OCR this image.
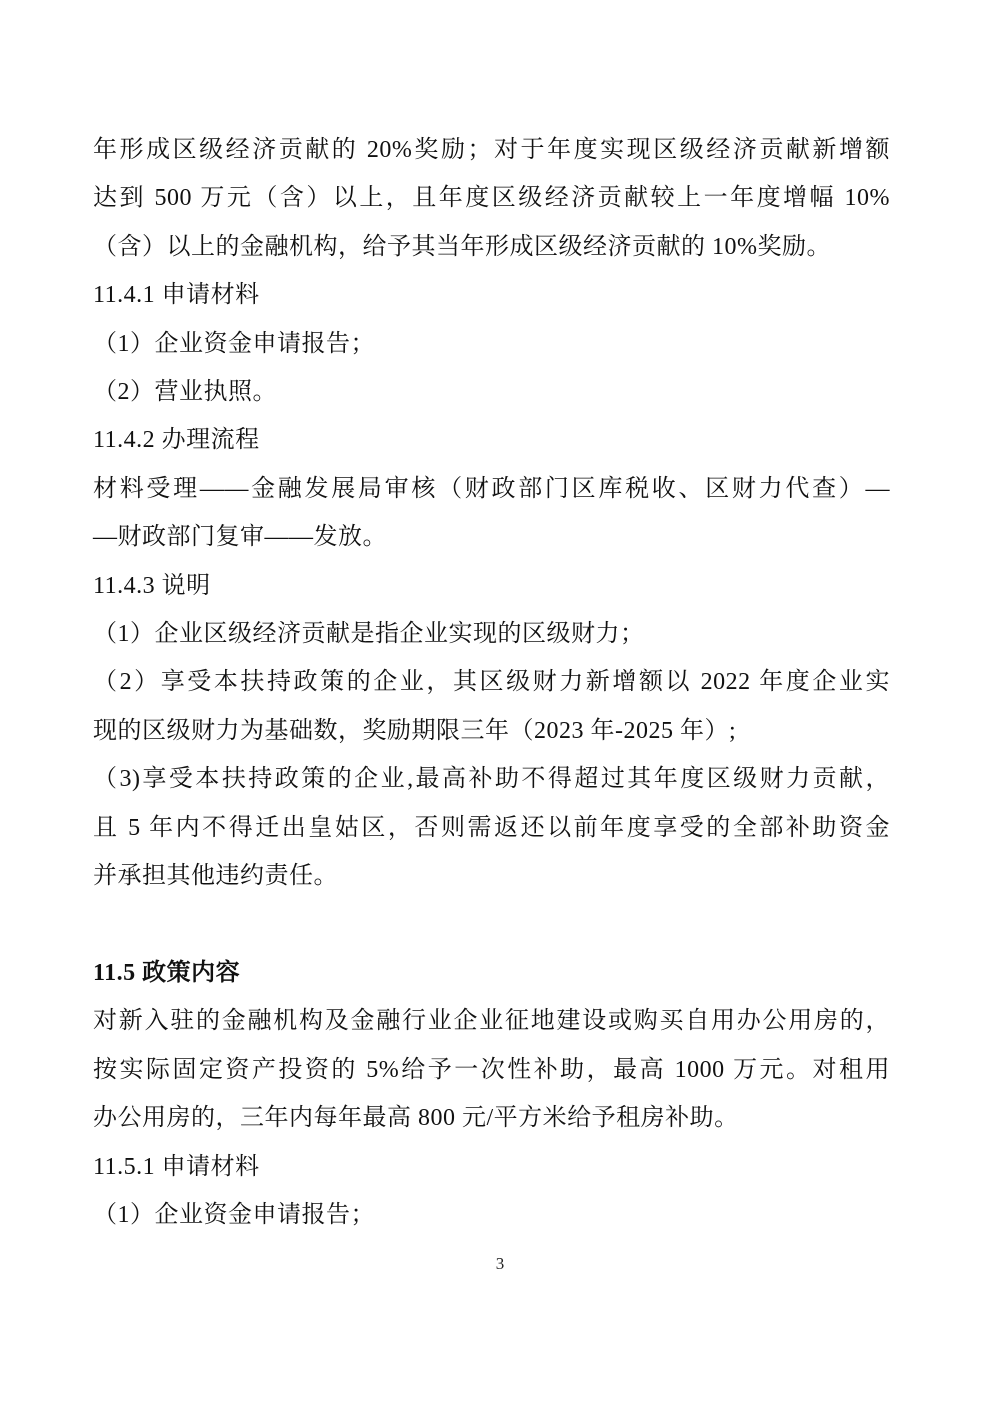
年形成区级经济贡献的 20%奖励；对于年度实现区级经济贡献新增额
达到 500 万元（含）以上，且年度区级经济贡献较上一年度增幅 10%
（含）以上的金融机构，给予其当年形成区级经济贡献的 10%奖励。
11.4.1 申请材料
（1）企业资金申请报告；
（2）营业执照。
11.4.2 办理流程
材料受理——金融发展局审核（财政部门区库税收、区财力代查）—
—财政部门复审——发放。
11.4.3 说明
（1）企业区级经济贡献是指企业实现的区级财力；
（2）享受本扶持政策的企业，其区级财力新增额以 2022 年度企业实
现的区级财力为基础数，奖励期限三年（2023 年-2025 年）;
（3)享受本扶持政策的企业,最高补助不得超过其年度区级财力贡献，
且 5 年内不得迁出皇姑区，否则需返还以前年度享受的全部补助资金
并承担其他违约责任。
11.5 政策内容
对新入驻的金融机构及金融行业企业征地建设或购买自用办公用房的，
按实际固定资产投资的 5%给予一次性补助，最高 1000 万元。对租用
办公用房的，三年内每年最高 800 元/平方米给予租房补助。
11.5.1 申请材料
（1）企业资金申请报告；
3
